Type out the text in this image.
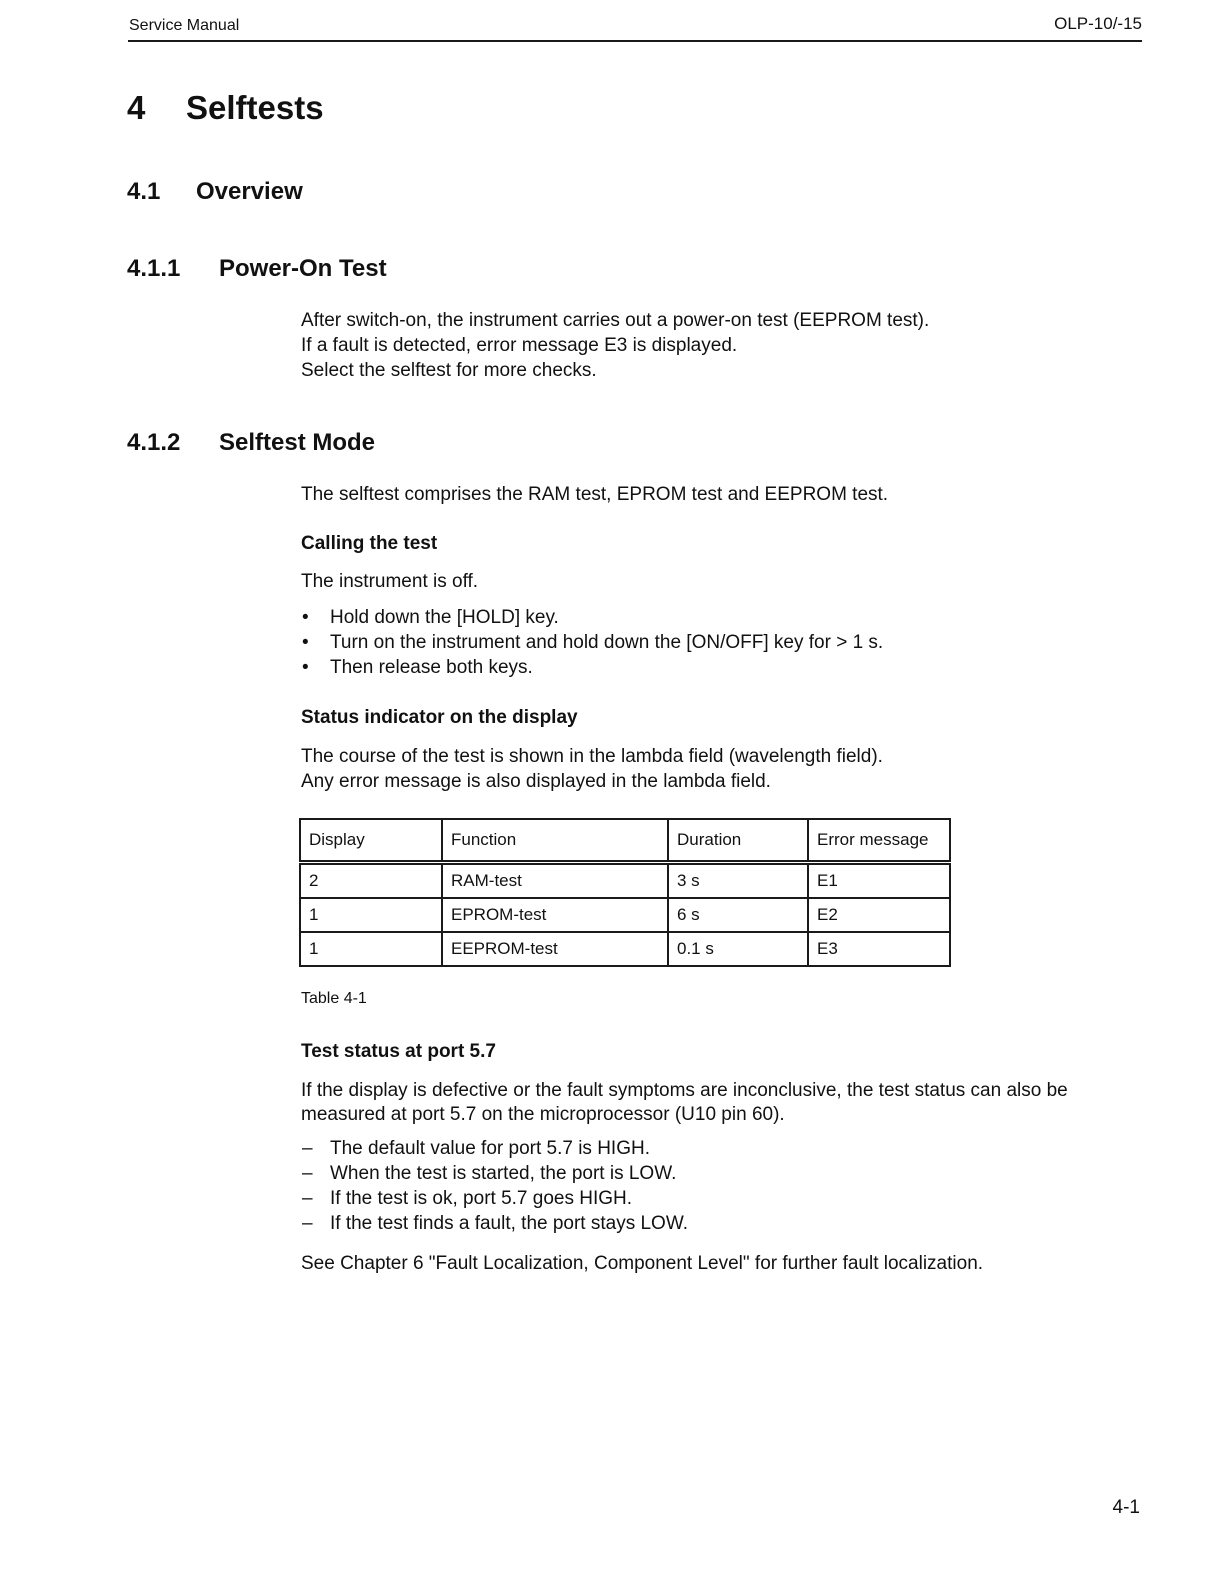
Service Manual	OLP-10/-15
4 Selftests
4.1 Overview
4.1.1 Power-On Test
After switch-on, the instrument carries out a power-on test (EEPROM test).
If a fault is detected, error message E3 is displayed.
Select the selftest for more checks.
4.1.2 Selftest Mode
The selftest comprises the RAM test, EPROM test and EEPROM test.
Calling the test
The instrument is off.
• Hold down the [HOLD] key.
• Turn on the instrument and hold down the [ON/OFF] key for > 1 s.
• Then release both keys.
Status indicator on the display
The course of the test is shown in the lambda field (wavelength field).
Any error message is also displayed in the lambda field.
Display	Function	Duration	Error message
2	RAM-test	3 s	E1
1	EPROM-test	6 s	E2
1	EEPROM-test	0.1 s	E3
Table 4-1
Test status at port 5.7
If the display is defective or the fault symptoms are inconclusive, the test status can also be
measured at port 5.7 on the microprocessor (U10 pin 60).
– The default value for port 5.7 is HIGH.
– When the test is started, the port is LOW.
– If the test is ok, port 5.7 goes HIGH.
– If the test finds a fault, the port stays LOW.
See Chapter 6 "Fault Localization, Component Level" for further fault localization.
4-1
